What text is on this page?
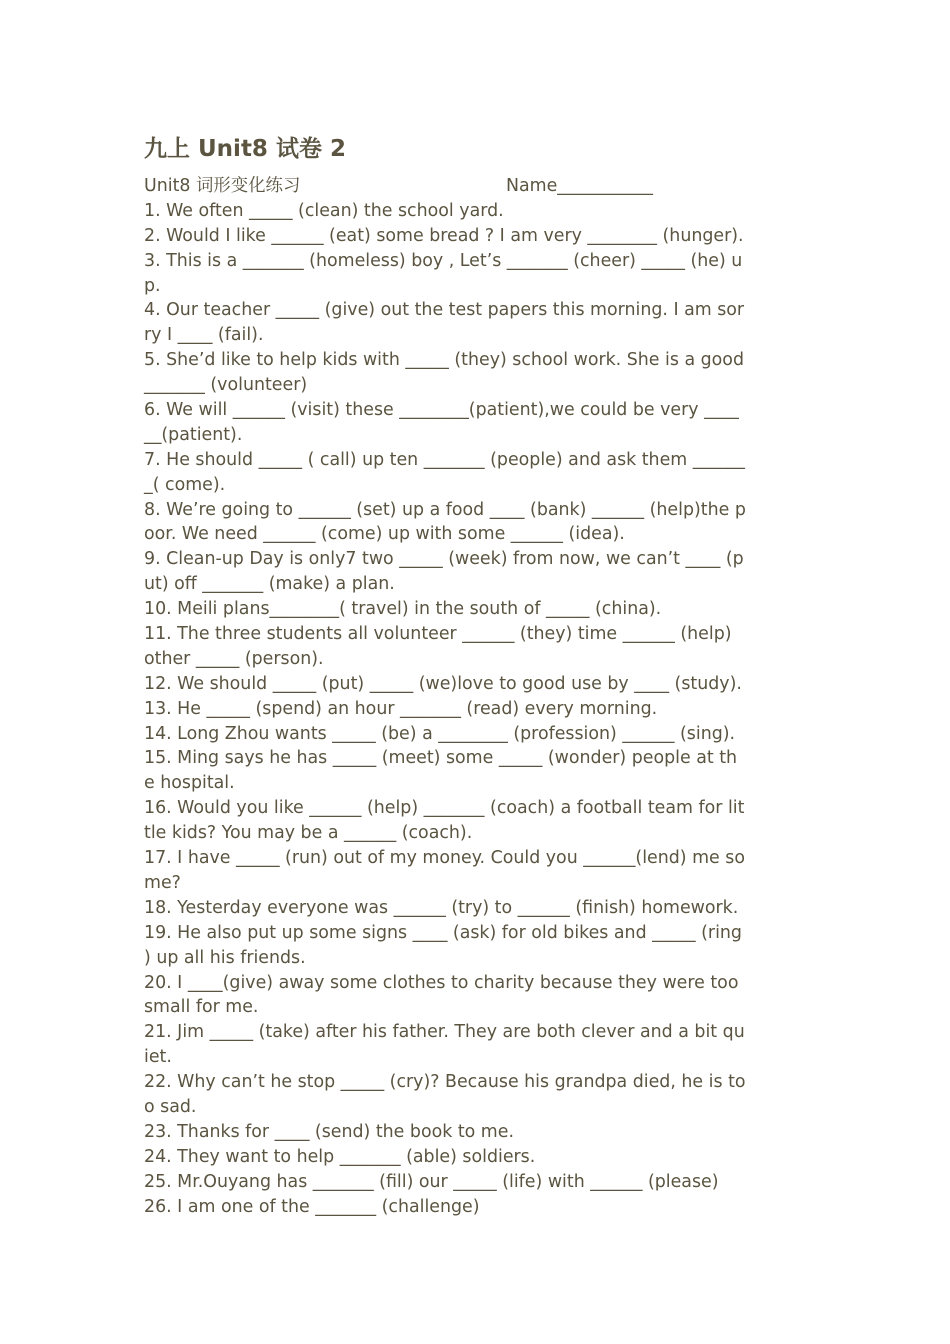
九上 Unit8 试卷 2
Unit8 词形变化练习	Name___________
1. We often _____ (clean) the school yard.
2. Would I like ______ (eat) some bread ? I am very ________ (hunger).
3. This is a _______ (homeless) boy , Let’s _______ (cheer) _____ (he) u
p.
4. Our teacher _____ (give) out the test papers this morning. I am sor
ry I ____ (fail).
5. She’d like to help kids with _____ (they) school work. She is a good
_______ (volunteer)
6. We will ______ (visit) these ________(patient),we could be very ____
__(patient).
7. He should _____ ( call) up ten _______ (people) and ask them ______
_( come).
8. We’re going to ______ (set) up a food ____ (bank) ______ (help)the p
oor. We need ______ (come) up with some ______ (idea).
9. Clean-up Day is only7 two _____ (week) from now, we can’t ____ (p
ut) off _______ (make) a plan.
10. Meili plans________( travel) in the south of _____ (china).
11. The three students all volunteer ______ (they) time ______ (help)
other _____ (person).
12. We should _____ (put) _____ (we)love to good use by ____ (study).
13. He _____ (spend) an hour _______ (read) every morning.
14. Long Zhou wants _____ (be) a ________ (profession) ______ (sing).
15. Ming says he has _____ (meet) some _____ (wonder) people at th
e hospital.
16. Would you like ______ (help) _______ (coach) a football team for lit
tle kids? You may be a ______ (coach).
17. I have _____ (run) out of my money. Could you ______(lend) me so
me?
18. Yesterday everyone was ______ (try) to ______ (finish) homework.
19. He also put up some signs ____ (ask) for old bikes and _____ (ring
) up all his friends.
20. I ____(give) away some clothes to charity because they were too
small for me.
21. Jim _____ (take) after his father. They are both clever and a bit qu
iet.
22. Why can’t he stop _____ (cry)? Because his grandpa died, he is to
o sad.
23. Thanks for ____ (send) the book to me.
24. They want to help _______ (able) soldiers.
25. Mr.Ouyang has _______ (fill) our _____ (life) with ______ (please)
26. I am one of the _______ (challenge)
